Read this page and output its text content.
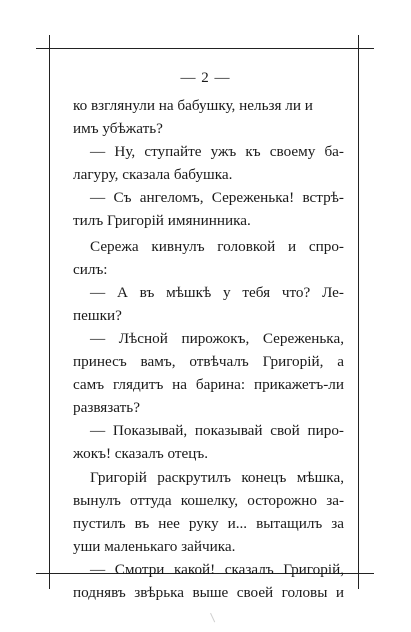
— 2 —
ко взглянули на бабушку, нельзя ли и
имъ убѣжать?
— Ну, ступайте ужъ къ своему ба-
лагуру, сказала бабушка.
— Съ ангеломъ, Сереженька! встрѣ-
тилъ Григорій имянинника.
Сережа кивнулъ головкой и спро-
силъ:
— А въ мѣшкѣ у тебя что? Ле-
пешки?
— Лѣсной пирожокъ, Сереженька,
принесъ вамъ, отвѣчалъ Григорій, а
самъ глядитъ на барина: прикажетъ-ли
развязать?
— Показывай, показывай свой пиро-
жокъ! сказалъ отецъ.
Григорій раскрутилъ конецъ мѣшка,
вынулъ оттуда кошелку, осторожно за-
пустилъ въ нее руку и... вытащилъ за
уши маленькаго зайчика.
— Смотри какой! сказалъ Григорій,
поднявъ звѣрька выше своей головы и
